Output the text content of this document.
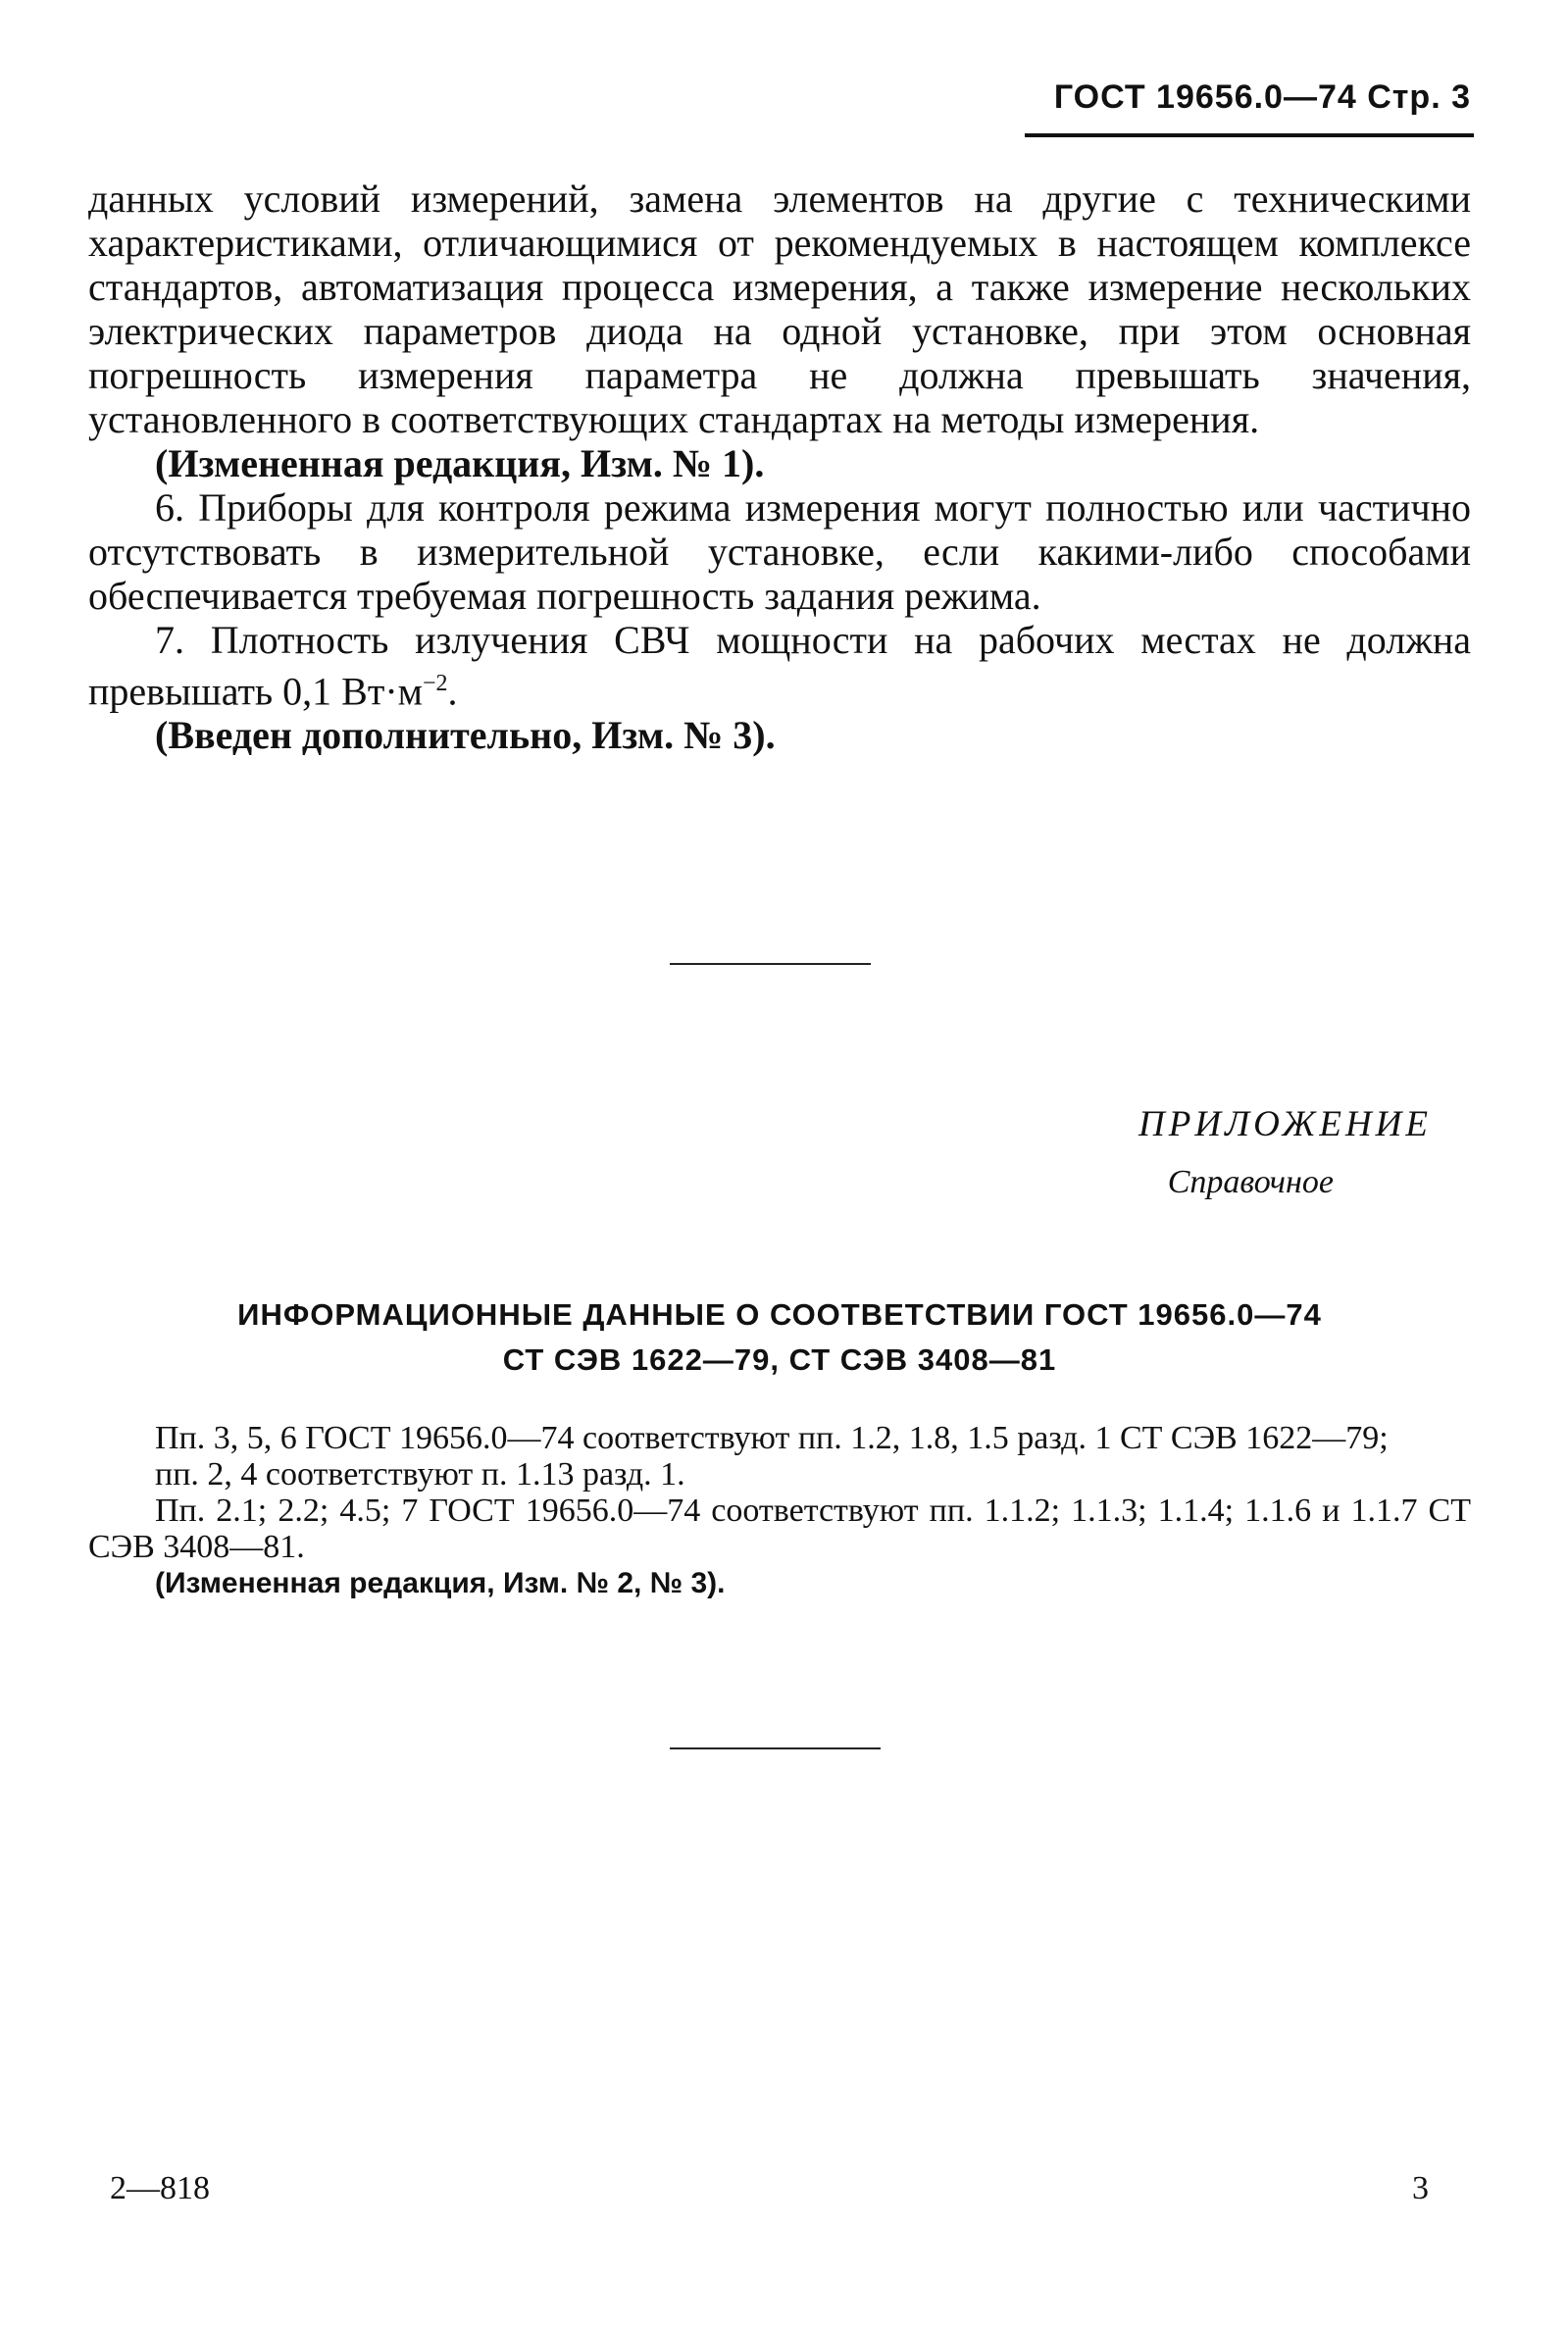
ГОСТ 19656.0—74 Стр. 3

данных условий измерений, замена элементов на другие с техническими характеристиками, отличающимися от рекомендуемых в настоящем комплексе стандартов, автоматизация процесса измерения, а также измерение нескольких электрических параметров диода на одной установке, при этом основная погрешность измерения параметра не должна превышать значения, установленного в соответствующих стандартах на методы измерения.

(Измененная редакция, Изм. № 1).

6. Приборы для контроля режима измерения могут полностью или частично отсутствовать в измерительной установке, если какими-либо способами обеспечивается требуемая погрешность задания режима.

7. Плотность излучения СВЧ мощности на рабочих местах не должна превышать 0,1 $Вт\cdot м^{-2}$.

(Введен дополнительно, Изм. № 3).

ПРИЛОЖЕНИЕ
Справочное
ИНФОРМАЦИОННЫЕ ДАННЫЕ О СООТВЕТСТВИИ ГОСТ 19656.0—74
СТ СЭВ 1622—79, СТ СЭВ 3408—81

Пп. 3, 5, 6 ГОСТ 19656.0—74 соответствуют пп. 1.2, 1.8, 1.5 разд. 1 СТ СЭВ 1622—79;

пп. 2, 4 соответствуют п. 1.13 разд. 1.

Пп. 2.1; 2.2; 4.5; 7 ГОСТ 19656.0—74 соответствуют пп. 1.1.2; 1.1.3; 1.1.4; 1.1.6 и 1.1.7 СТ СЭВ 3408—81.

(Измененная редакция, Изм. № 2, № 3).

2—818	3
